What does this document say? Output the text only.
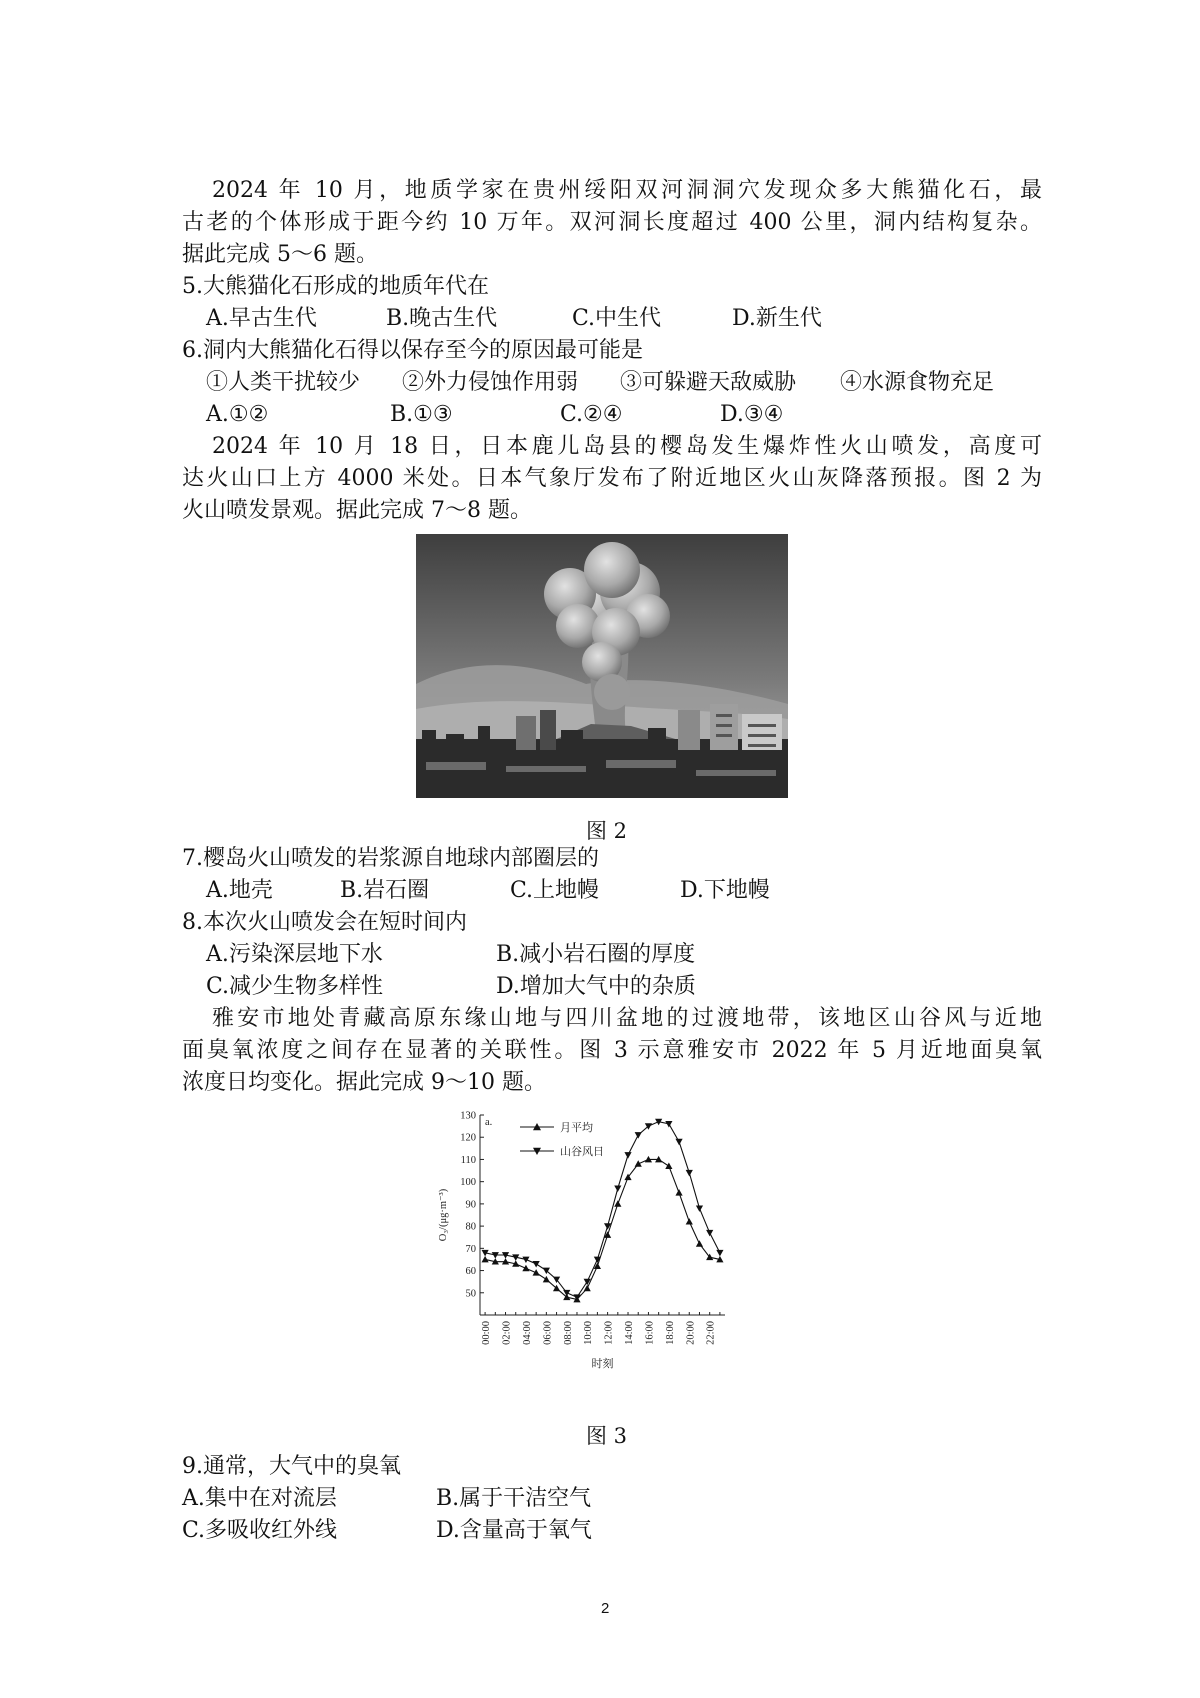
2024 年 10 月，地质学家在贵州绥阳双河洞洞穴发现众多大熊猫化石，最
古老的个体形成于距今约 10 万年。双河洞长度超过 400 公里，洞内结构复杂。
据此完成 5～6 题。
5.大熊猫化石形成的地质年代在
A.早古生代	B.晚古生代	C.中生代	D.新生代
6.洞内大熊猫化石得以保存至今的原因最可能是
①人类干扰较少 ②外力侵蚀作用弱 ③可躲避天敌威胁 ④水源食物充足
A.①②	B.①③	C.②④	D.③④
2024 年 10 月 18 日，日本鹿儿岛县的樱岛发生爆炸性火山喷发，高度可
达火山口上方 4000 米处。日本气象厅发布了附近地区火山灰降落预报。图 2 为
火山喷发景观。据此完成 7～8 题。
图 2
7.樱岛火山喷发的岩浆源自地球内部圈层的
A.地壳	B.岩石圈	C.上地幔	D.下地幔
8.本次火山喷发会在短时间内
A.污染深层地下水	B.减小岩石圈的厚度
C.减少生物多样性	D.增加大气中的杂质
雅安市地处青藏高原东缘山地与四川盆地的过渡地带，该地区山谷风与近地
面臭氧浓度之间存在显著的关联性。图 3 示意雅安市 2022 年 5 月近地面臭氧
浓度日均变化。据此完成 9～10 题。
50
60
70
80
90
100
110
120
130
00:00 02:00 04:00 06:00 08:00 10:00 12:00 14:00 16:00 18:00 20:00 22:00
O₃/(μg·m⁻³)
时刻
a.	月平均
山谷风日
图 3
9.通常，大气中的臭氧
A.集中在对流层	B.属于干洁空气
C.多吸收红外线	D.含量高于氧气
2
